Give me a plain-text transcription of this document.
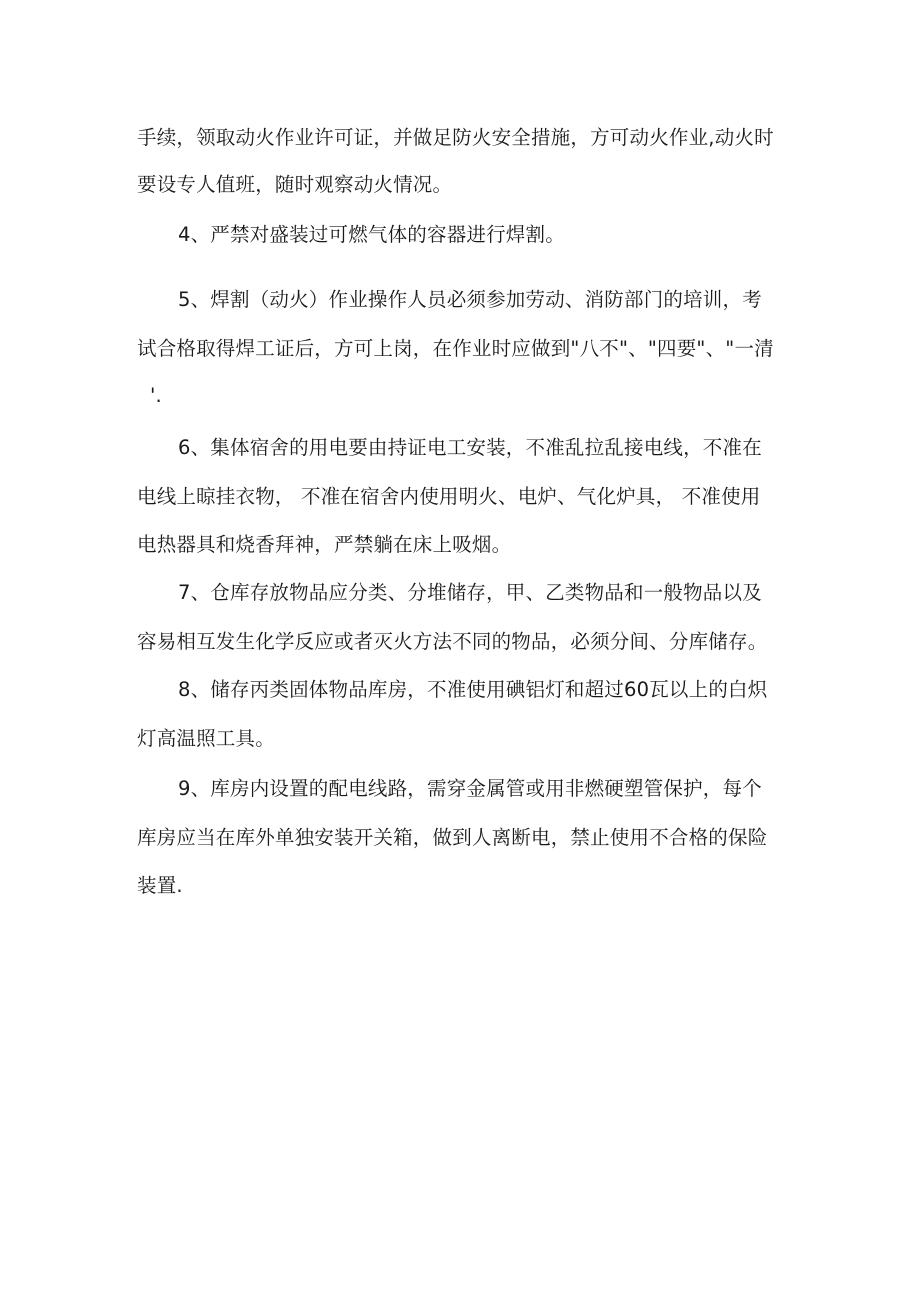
手续，领取动火作业许可证，并做足防火安全措施，方可动火作业,动火时
要设专人值班，随时观察动火情况。
4、严禁对盛装过可燃气体的容器进行焊割。
5、焊割（动火）作业操作人员必须参加劳动、消防部门的培训，考
试合格取得焊工证后，方可上岗，在作业时应做到"八不"、"四要"、"一清
'.
6、集体宿舍的用电要由持证电工安装，不准乱拉乱接电线，不准在
电线上晾挂衣物， 不准在宿舍内使用明火、电炉、气化炉具， 不准使用
电热器具和烧香拜神，严禁躺在床上吸烟。
7、仓库存放物品应分类、分堆储存，甲、乙类物品和一般物品以及
容易相互发生化学反应或者灭火方法不同的物品，必须分间、分库储存。
8、储存丙类固体物品库房，不准使用碘铝灯和超过60瓦以上的白炽
灯高温照工具。
9、库房内设置的配电线路，需穿金属管或用非燃硬塑管保护，每个
库房应当在库外单独安装开关箱，做到人离断电，禁止使用不合格的保险
装置.
